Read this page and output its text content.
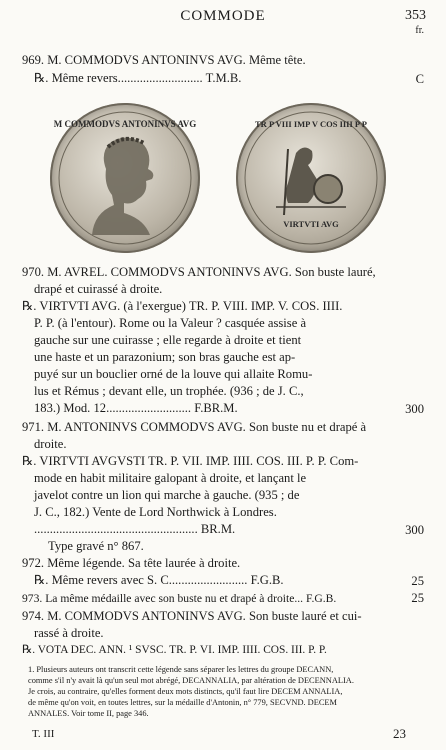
COMMODE	353
fr.
969. M. COMMODVS ANTONINVS AVG. Même tête.
℞. Même revers........................... T.M.B.	C
M COMMODVS ANTONINVS AVG	TR P VIII IMP V COS IIII P P
VIRTVTI AVG
970. M. AVREL. COMMODVS ANTONINVS AVG. Son buste lauré,
drapé et cuirassé à droite.
℞. VIRTVTI AVG. (à l'exergue) TR. P. VIII. IMP. V. COS. IIII.
P. P. (à l'entour). Rome ou la Valeur ? casquée assise à
gauche sur une cuirasse ; elle regarde à droite et tient
une haste et un parazonium; son bras gauche est ap-
puyé sur un bouclier orné de la louve qui allaite Romu-
lus et Rémus ; devant elle, un trophée. (936 ; de J. C.,
183.) Mod. 12........................... F.BR.M.	300
971. M. ANTONINVS COMMODVS AVG. Son buste nu et drapé à
droite.
℞. VIRTVTI AVGVSTI TR. P. VII. IMP. IIII. COS. III. P. P. Com-
mode en habit militaire galopant à droite, et lançant le
javelot contre un lion qui marche à gauche. (935 ; de
J. C., 182.) Vente de Lord Northwick à Londres.
.................................................... BR.M.	300
Type gravé n° 867.
972. Même légende. Sa tête laurée à droite.
℞. Même revers avec S. C......................... F.G.B.	25
973. La même médaille avec son buste nu et drapé à droite... F.G.B.	25
974. M. COMMODVS ANTONINVS AVG. Son buste lauré et cui-
rassé à droite.
℞. VOTA DEC. ANN. ¹ SVSC. TR. P. VI. IMP. IIII. COS. III. P. P.
1. Plusieurs auteurs ont transcrit cette légende sans séparer les lettres du groupe DECANN,
comme s'il n'y avait là qu'un seul mot abrégé, DECANNALIA, par altération de DECENNALIA.
Je crois, au contraire, qu'elles forment deux mots distincts, qu'il faut lire DECEM ANNALIA,
de même qu'on voit, en toutes lettres, sur la médaille d'Antonin, n° 779, SECVND. DECEM
ANNALES. Voir tome II, page 346.
T. III	23
